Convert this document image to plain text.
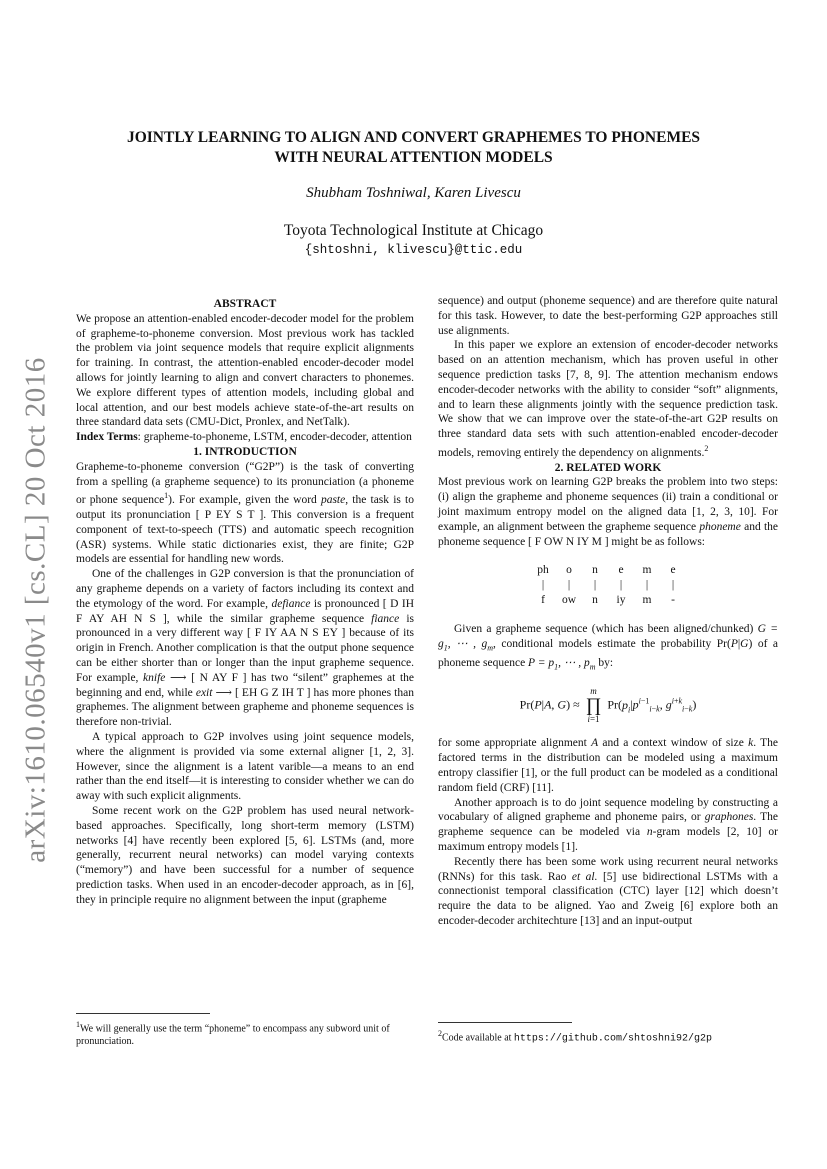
arXiv:1610.06540v1 [cs.CL] 20 Oct 2016
JOINTLY LEARNING TO ALIGN AND CONVERT GRAPHEMES TO PHONEMES
WITH NEURAL ATTENTION MODELS
Shubham Toshniwal, Karen Livescu
Toyota Technological Institute at Chicago
{shtoshni, klivescu}@ttic.edu

ABSTRACT

We propose an attention-enabled encoder-decoder model for the problem of grapheme-to-phoneme conversion. Most previous work has tackled the problem via joint sequence models that require explicit alignments for training. In contrast, the attention-enabled encoder-decoder model allows for jointly learning to align and convert characters to phonemes. We explore different types of attention models, including global and local attention, and our best models achieve state-of-the-art results on three standard data sets (CMU-Dict, Pronlex, and NetTalk).

Index Terms: grapheme-to-phoneme, LSTM, encoder-decoder, attention

1. INTRODUCTION

Grapheme-to-phoneme conversion (“G2P”) is the task of converting from a spelling (a grapheme sequence) to its pronunciation (a phoneme or phone sequence$^1$). For example, given the word paste, the task is to output its pronunciation [ P EY S T ]. This conversion is a frequent component of text-to-speech (TTS) and automatic speech recognition (ASR) systems. While static dictionaries exist, they are finite; G2P models are essential for handling new words.

One of the challenges in G2P conversion is that the pronunciation of any grapheme depends on a variety of factors including its context and the etymology of the word. For example, defiance is pronounced [ D IH F AY AH N S ], while the similar grapheme sequence fiance is pronounced in a very different way [ F IY AA N S EY ] because of its origin in French. Another complication is that the output phone sequence can be either shorter than or longer than the input grapheme sequence. For example, knife ⟶ [ N AY F ] has two “silent” graphemes at the beginning and end, while exit ⟶ [ EH G Z IH T ] has more phones than graphemes. The alignment between grapheme and phoneme sequences is therefore non-trivial.

A typical approach to G2P involves using joint sequence models, where the alignment is provided via some external aligner [1, 2, 3]. However, since the alignment is a latent varible—a means to an end rather than the end itself—it is interesting to consider whether we can do away with such explicit alignments.

Some recent work on the G2P problem has used neural network-based approaches. Specifically, long short-term memory (LSTM) networks [4] have recently been explored [5, 6]. LSTMs (and, more generally, recurrent neural networks) can model varying contexts (“memory”) and have been successful for a number of sequence prediction tasks. When used in an encoder-decoder approach, as in [6], they in principle require no alignment between the input (grapheme

sequence) and output (phoneme sequence) and are therefore quite natural for this task. However, to date the best-performing G2P approaches still use alignments.

In this paper we explore an extension of encoder-decoder networks based on an attention mechanism, which has proven useful in other sequence prediction tasks [7, 8, 9]. The attention mechanism endows encoder-decoder networks with the ability to consider “soft” alignments, and to learn these alignments jointly with the sequence prediction task. We show that we can improve over the state-of-the-art G2P results on three standard data sets with such attention-enabled encoder-decoder models, removing entirely the dependency on alignments.$^2$

2. RELATED WORK

Most previous work on learning G2P breaks the problem into two steps: (i) align the grapheme and phoneme sequences (ii) train a conditional or joint maximum entropy model on the aligned data [1, 2, 3, 10]. For example, an alignment between the grapheme sequence phoneme and the phoneme sequence [ F OW N IY M ] might be as follows:

ph	o	n	e	m	e
|	|	|	|	|	|
f	ow	n	iy	m	-

Given a grapheme sequence (which has been aligned/chunked) $G = g_1$, ⋯ , $g_m$, conditional models estimate the probability Pr(P|G) of a phoneme sequence $P = p_1$, ⋯ , $p_m$ by:

Pr(P|A, G) ≈ m
∏
i=1 $Pr(p_i|p^{i-1}_{i-k}$, $g^{i+k}_{i-k}$)

for some appropriate alignment A and a context window of size k. The factored terms in the distribution can be modeled using a maximum entropy classifier [1], or the full product can be modeled as a conditional random field (CRF) [11].

Another approach is to do joint sequence modeling by constructing a vocabulary of aligned grapheme and phoneme pairs, or graphones. The grapheme sequence can be modeled via n-gram models [2, 10] or maximum entropy models [1].

Recently there has been some work using recurrent neural networks (RNNs) for this task. Rao et al. [5] use bidirectional LSTMs with a connectionist temporal classification (CTC) layer [12] which doesn’t require the data to be aligned. Yao and Zweig [6] explore both an encoder-decoder architechture [13] and an input-output

$^1$We will generally use the term “phoneme” to encompass any subword unit of pronunciation.
$^2$Code available at https://github.com/shtoshni92/g2p
